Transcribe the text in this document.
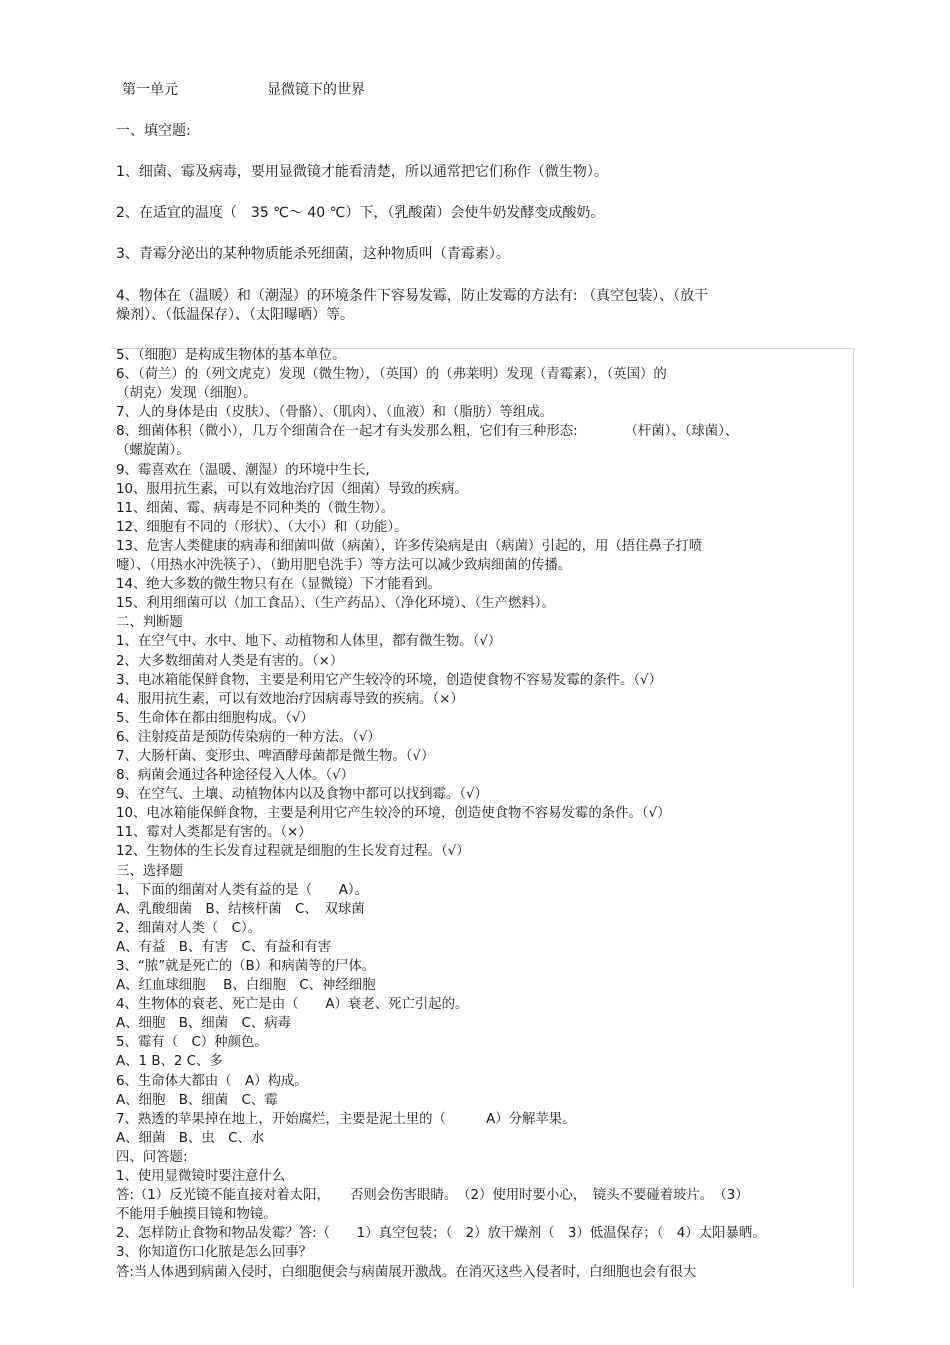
第一单元	显微镜下的世界
一、填空题:
1、细菌、霉及病毒，要用显微镜才能看清楚，所以通常把它们称作（微生物）。
2、在适宜的温度（　35 ℃～ 40 ℃）下，（乳酸菌）会使牛奶发酵变成酸奶。
3、青霉分泌出的某种物质能杀死细菌，这种物质叫（青霉素）。
4、物体在（温暖）和（潮湿）的环境条件下容易发霉，防止发霉的方法有: （真空包装）、（放干
燥剂）、（低温保存）、（太阳曝晒）等。
5、（细胞）是构成生物体的基本单位。
6、（荷兰）的（列文虎克）发现（微生物），（英国）的（弗莱明）发现（青霉素），（英国）的
（胡克）发现（细胞）。
7、人的身体是由（皮肤）、（骨骼）、（肌肉）、（血液）和（脂肪）等组成。
8、细菌体积（微小），几万个细菌合在一起才有头发那么粗，它们有三种形态:　　　　（杆菌）、（球菌）、
（螺旋菌）。
9、霉喜欢在（温暖、潮湿）的环境中生长,
10、服用抗生素，可以有效地治疗因（细菌）导致的疾病。
11、细菌、霉、病毒是不同种类的（微生物）。
12、细胞有不同的（形状）、（大小）和（功能）。
13、危害人类健康的病毒和细菌叫做（病菌），许多传染病是由（病菌）引起的，用（捂住鼻子打喷
嚏）、（用热水冲洗筷子）、（勤用肥皂洗手）等方法可以减少致病细菌的传播。
14、绝大多数的微生物只有在（显微镜）下才能看到。
15、利用细菌可以（加工食品）、（生产药品）、（净化环境）、（生产燃料）。
二、判断题
1、在空气中、水中、地下、动植物和人体里，都有微生物。（√）
2、大多数细菌对人类是有害的。（×）
3、电冰箱能保鲜食物，主要是利用它产生较冷的环境，创造使食物不容易发霉的条件。（√）
4、服用抗生素，可以有效地治疗因病毒导致的疾病。（×）
5、生命体在都由细胞构成。（√）
6、注射疫苗是预防传染病的一种方法。（√）
7、大肠杆菌、变形虫、啤酒酵母菌都是微生物。（√）
8、病菌会通过各种途径侵入人体。（√）
9、在空气、土壤、动植物体内以及食物中都可以找到霉。（√）
10、电冰箱能保鲜食物，主要是利用它产生较冷的环境，创造使食物不容易发霉的条件。（√）
11、霉对人类都是有害的。（×）
12、生物体的生长发育过程就是细胞的生长发育过程。（√）
三、选择题
1、下面的细菌对人类有益的是（　　A）。
A、乳酸细菌　B、结核杆菌　C、　双球菌
2、细菌对人类（　C）。
A、有益　B、有害　C、有益和有害
3、“脓”就是死亡的（B）和病菌等的尸体。
A、红血球细胞　 B、白细胞　C、神经细胞
4、生物体的衰老、死亡是由（　　A）衰老、死亡引起的。
A、细胞　B、细菌　C、病毒
5、霉有（　C）种颜色。
A、1 B、2 C、多
6、生命体大都由（　A）构成。
A、细胞　B、细菌　C、霉
7、熟透的苹果掉在地上，开始腐烂，主要是泥土里的（　　　A）分解苹果。
A、细菌　B、虫　C、水
四、问答题:
1、使用显微镜时要注意什么
答:（1）反光镜不能直接对着太阳，　　否则会伤害眼睛。　（2）使用时要小心，　镜头不要碰着玻片。　（3）
不能用手触摸目镜和物镜。
2、怎样防止食物和物品发霉？答:（　　1）真空包装；（　2）放干燥剂（　3）低温保存；（　4）太阳暴晒。
3、你知道伤口化脓是怎么回事？
答:当人体遇到病菌入侵时，白细胞便会与病菌展开激战。在消灭这些入侵者时，白细胞也会有很大
